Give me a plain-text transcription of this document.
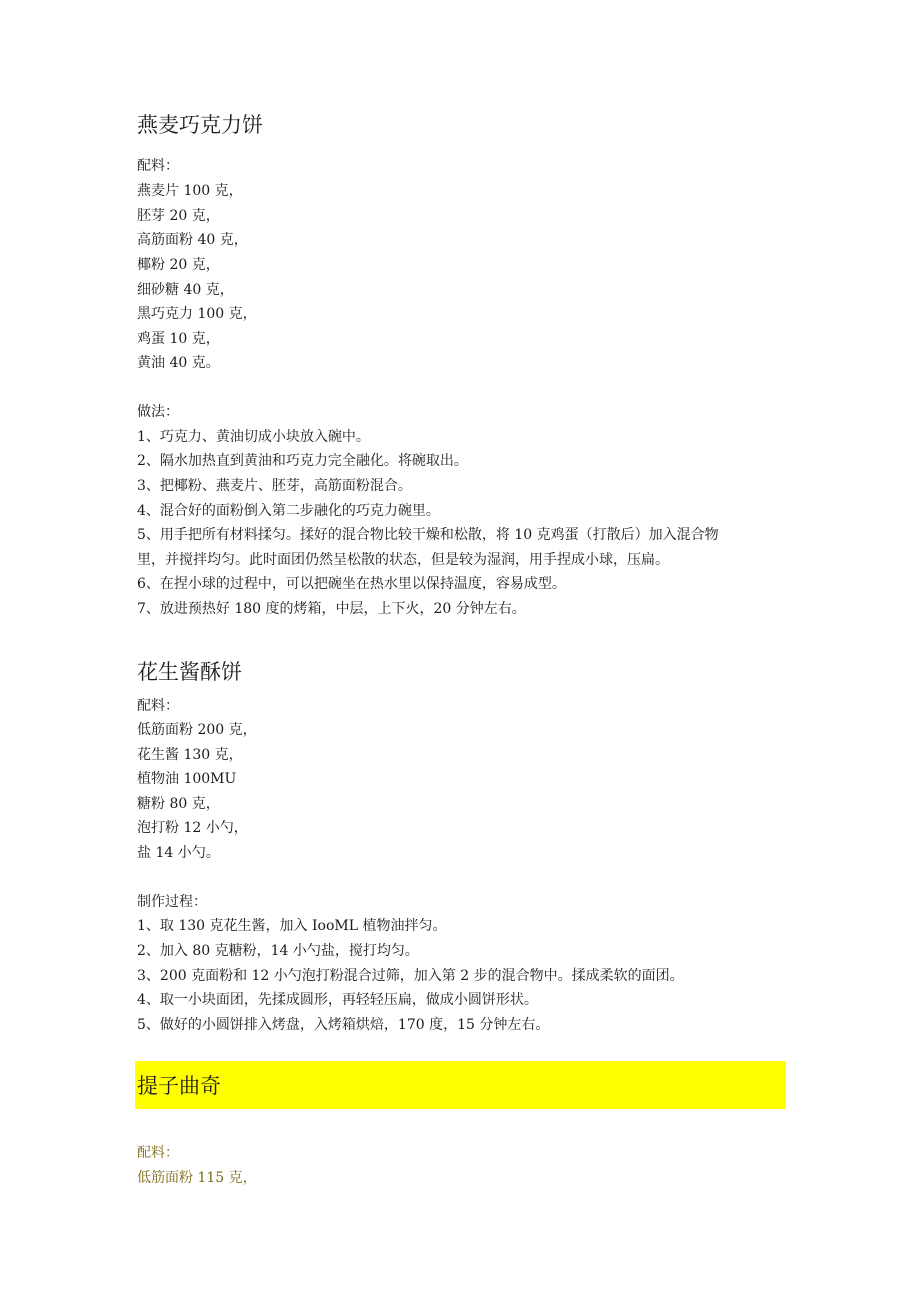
燕麦巧克力饼

配料：

燕麦片 100 克，

胚芽 20 克，

高筋面粉 40 克，

椰粉 20 克，

细砂糖 40 克，

黑巧克力 100 克，

鸡蛋 10 克，

黄油 40 克。

做法：

1、巧克力、黄油切成小块放入碗中。

2、隔水加热直到黄油和巧克力完全融化。将碗取出。

3、把椰粉、燕麦片、胚芽，高筋面粉混合。

4、混合好的面粉倒入第二步融化的巧克力碗里。

5、用手把所有材料揉匀。揉好的混合物比较干燥和松散，将 10 克鸡蛋（打散后）加入混合物

里，并搅拌均匀。此时面团仍然呈松散的状态，但是较为湿润，用手捏成小球，压扁。

6、在捏小球的过程中，可以把碗坐在热水里以保持温度，容易成型。

7、放进预热好 180 度的烤箱，中层，上下火，20 分钟左右。

花生酱酥饼

配料：

低筋面粉 200 克，

花生酱 130 克，

植物油 100MU

糖粉 80 克，

泡打粉 12 小勺，

盐 14 小勺。

制作过程：

1、取 130 克花生酱，加入 IooML 植物油拌匀。

2、加入 80 克糖粉，14 小勺盐，搅打均匀。

3、200 克面粉和 12 小勺泡打粉混合过筛，加入第 2 步的混合物中。揉成柔软的面团。

4、取一小块面团，先揉成圆形，再轻轻压扁，做成小圆饼形状。

5、做好的小圆饼排入烤盘，入烤箱烘焙，170 度，15 分钟左右。

提子曲奇

配料：

低筋面粉 115 克，
